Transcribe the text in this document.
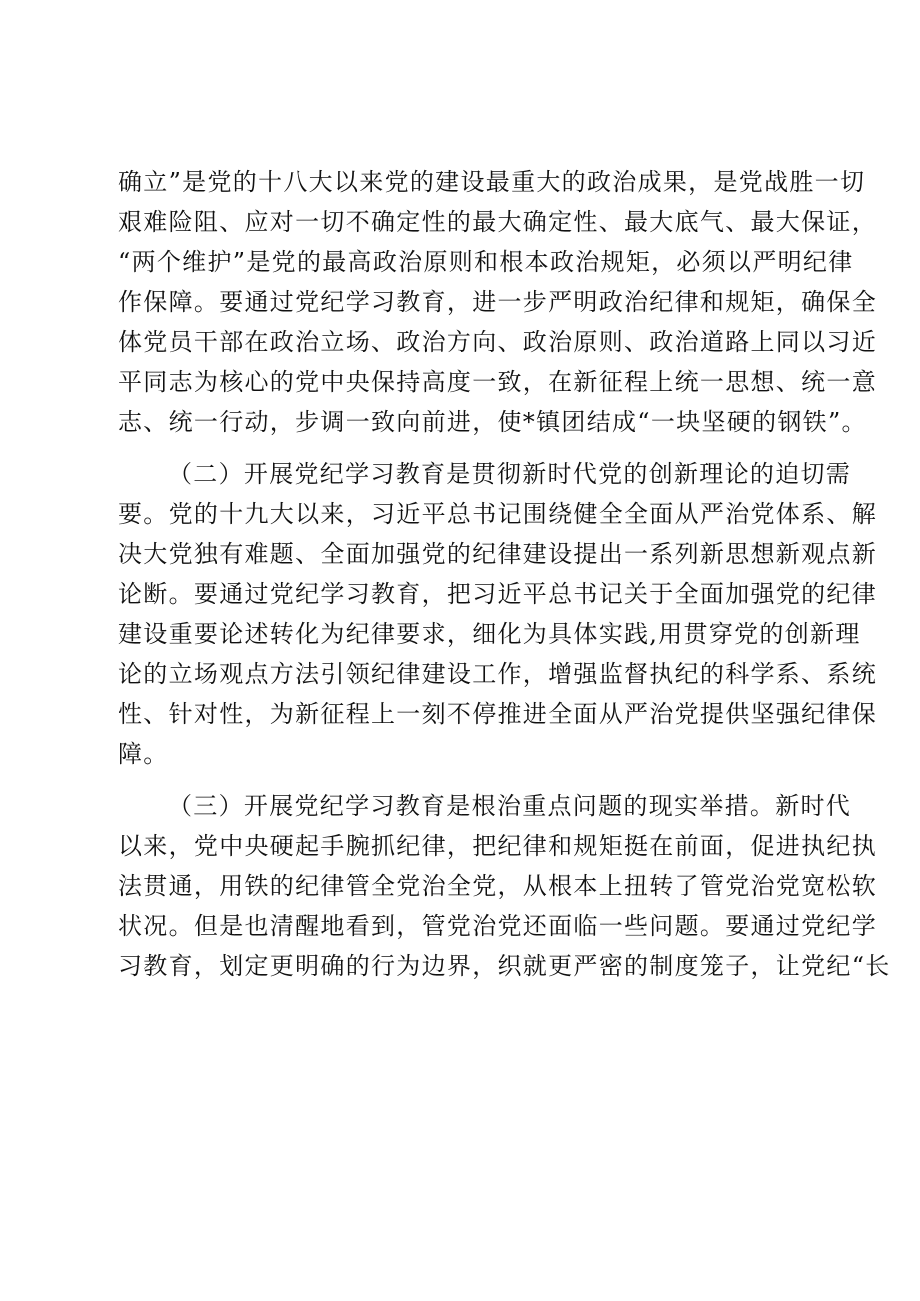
确立”是党的十八大以来党的建设最重大的政治成果，是党战胜一切

艰难险阻、应对一切不确定性的最大确定性、最大底气、最大保证，

“两个维护”是党的最高政治原则和根本政治规矩，必须以严明纪律

作保障。要通过党纪学习教育，进一步严明政治纪律和规矩，确保全

体党员干部在政治立场、政治方向、政治原则、政治道路上同以习近

平同志为核心的党中央保持高度一致，在新征程上统一思想、统一意

志、统一行动，步调一致向前进，使*镇团结成“一块坚硬的钢铁”。

（二）开展党纪学习教育是贯彻新时代党的创新理论的迫切需

要。党的十九大以来，习近平总书记围绕健全全面从严治党体系、解

决大党独有难题、全面加强党的纪律建设提出一系列新思想新观点新

论断。要通过党纪学习教育，把习近平总书记关于全面加强党的纪律

建设重要论述转化为纪律要求，细化为具体实践,用贯穿党的创新理

论的立场观点方法引领纪律建设工作，增强监督执纪的科学系、系统

性、针对性，为新征程上一刻不停推进全面从严治党提供坚强纪律保

障。

（三）开展党纪学习教育是根治重点问题的现实举措。新时代

以来，党中央硬起手腕抓纪律，把纪律和规矩挺在前面，促进执纪执

法贯通，用铁的纪律管全党治全党，从根本上扭转了管党治党宽松软

状况。但是也清醒地看到，管党治党还面临一些问题。要通过党纪学

习教育，划定更明确的行为边界，织就更严密的制度笼子，让党纪“长
